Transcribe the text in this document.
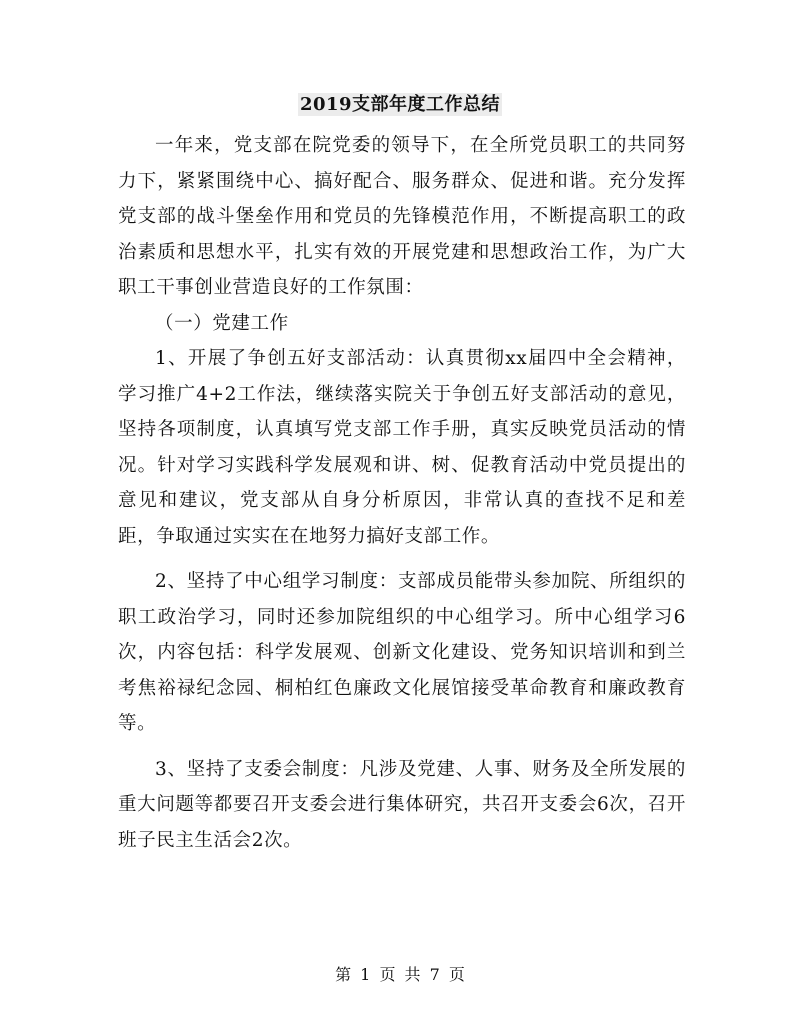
2019支部年度工作总结

一年来，党支部在院党委的领导下，在全所党员职工的共同努力下，紧紧围绕中心、搞好配合、服务群众、促进和谐。充分发挥党支部的战斗堡垒作用和党员的先锋模范作用，不断提高职工的政治素质和思想水平，扎实有效的开展党建和思想政治工作，为广大职工干事创业营造良好的工作氛围：

（一）党建工作

1、开展了争创五好支部活动：认真贯彻xx届四中全会精神，学习推广4+2工作法，继续落实院关于争创五好支部活动的意见，坚持各项制度，认真填写党支部工作手册，真实反映党员活动的情况。针对学习实践科学发展观和讲、树、促教育活动中党员提出的意见和建议，党支部从自身分析原因，非常认真的查找不足和差距，争取通过实实在在地努力搞好支部工作。

2、坚持了中心组学习制度：支部成员能带头参加院、所组织的职工政治学习，同时还参加院组织的中心组学习。所中心组学习6次，内容包括：科学发展观、创新文化建设、党务知识培训和到兰考焦裕禄纪念园、桐柏红色廉政文化展馆接受革命教育和廉政教育等。

3、坚持了支委会制度：凡涉及党建、人事、财务及全所发展的重大问题等都要召开支委会进行集体研究，共召开支委会6次，召开班子民主生活会2次。

第 1 页 共 7 页
